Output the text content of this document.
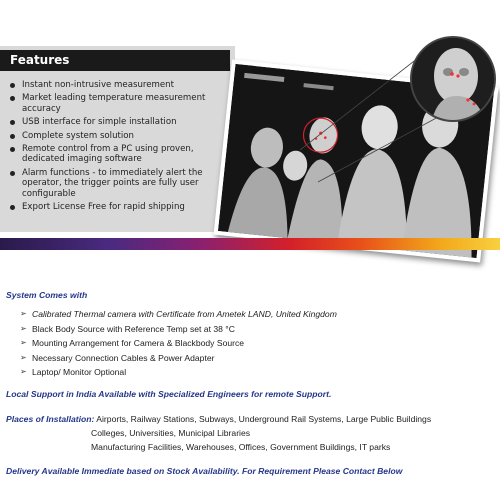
Features
Instant non-intrusive measurement
Market leading temperature measurement accuracy
USB interface for simple installation
Complete system solution
Remote control from a PC using proven, dedicated imaging software
Alarm functions - to immediately alert the operator, the trigger points are fully user configurable
Export License Free for rapid shipping

System Comes with

➢ Calibrated Thermal camera with Certificate from Ametek LAND, United Kingdom
➢ Black Body Source with Reference Temp set at 38 °C
➢ Mounting Arrangement for Camera & Blackbody Source
➢ Necessary Connection Cables & Power Adapter
➢ Laptop/ Monitor Optional

Local Support in India Available with Specialized Engineers for remote Support.

Places of Installation: Airports, Railway Stations, Subways, Underground Rail Systems, Large Public Buildings
Colleges, Universities, Municipal Libraries
Manufacturing Facilities, Warehouses, Offices, Government Buildings, IT parks

Delivery Available Immediate based on Stock Availability. For Requirement Please Contact Below
